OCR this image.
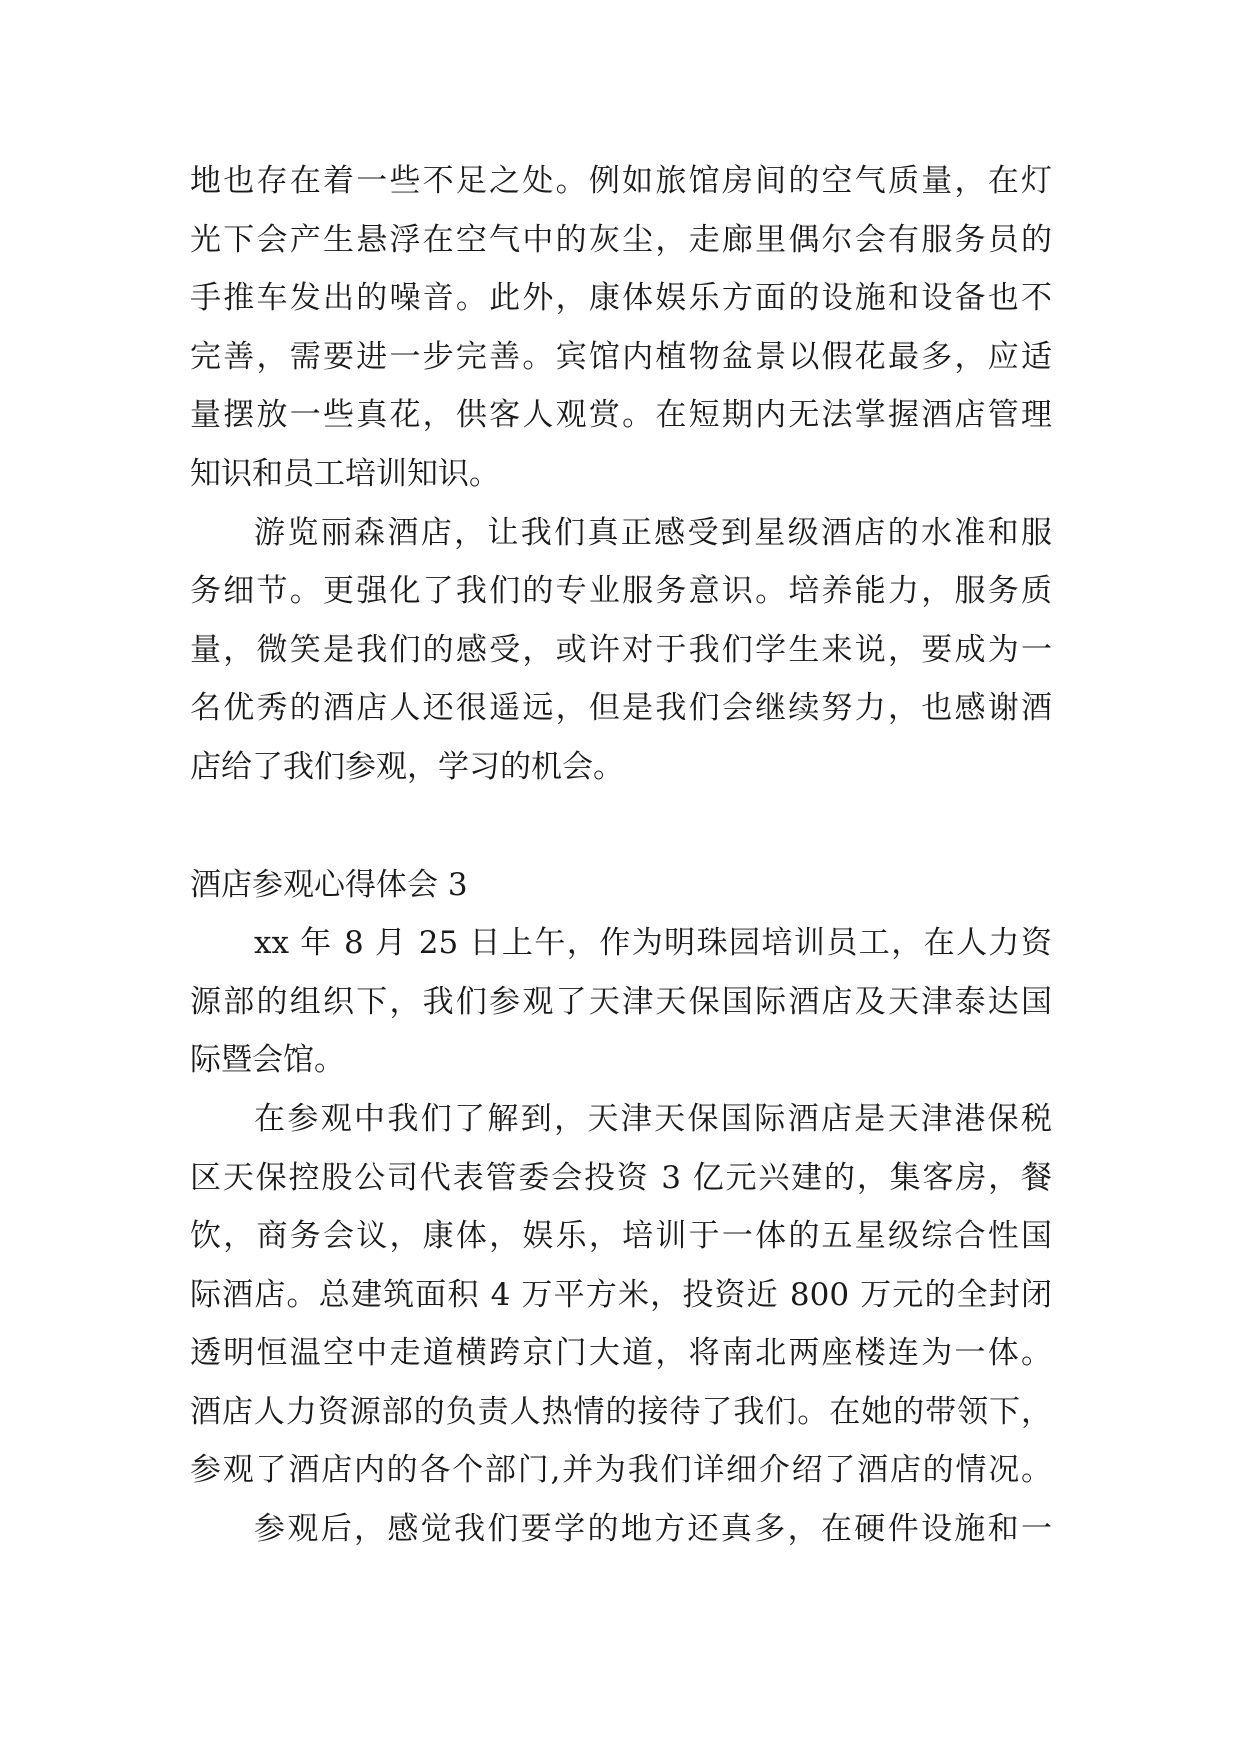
地也存在着一些不足之处。例如旅馆房间的空气质量，在灯
光下会产生悬浮在空气中的灰尘，走廊里偶尔会有服务员的
手推车发出的噪音。此外，康体娱乐方面的设施和设备也不
完善，需要进一步完善。宾馆内植物盆景以假花最多，应适
量摆放一些真花，供客人观赏。在短期内无法掌握酒店管理
知识和员工培训知识。
游览丽森酒店，让我们真正感受到星级酒店的水准和服
务细节。更强化了我们的专业服务意识。培养能力，服务质
量，微笑是我们的感受，或许对于我们学生来说，要成为一
名优秀的酒店人还很遥远，但是我们会继续努力，也感谢酒
店给了我们参观，学习的机会。
酒店参观心得体会 3
xx 年 8 月 25 日上午，作为明珠园培训员工，在人力资
源部的组织下，我们参观了天津天保国际酒店及天津泰达国
际暨会馆。
在参观中我们了解到，天津天保国际酒店是天津港保税
区天保控股公司代表管委会投资 3 亿元兴建的，集客房，餐
饮，商务会议，康体，娱乐，培训于一体的五星级综合性国
际酒店。总建筑面积 4 万平方米，投资近 800 万元的全封闭
透明恒温空中走道横跨京门大道，将南北两座楼连为一体。
酒店人力资源部的负责人热情的接待了我们。在她的带领下，
参观了酒店内的各个部门,并为我们详细介绍了酒店的情况。
参观后，感觉我们要学的地方还真多，在硬件设施和一
